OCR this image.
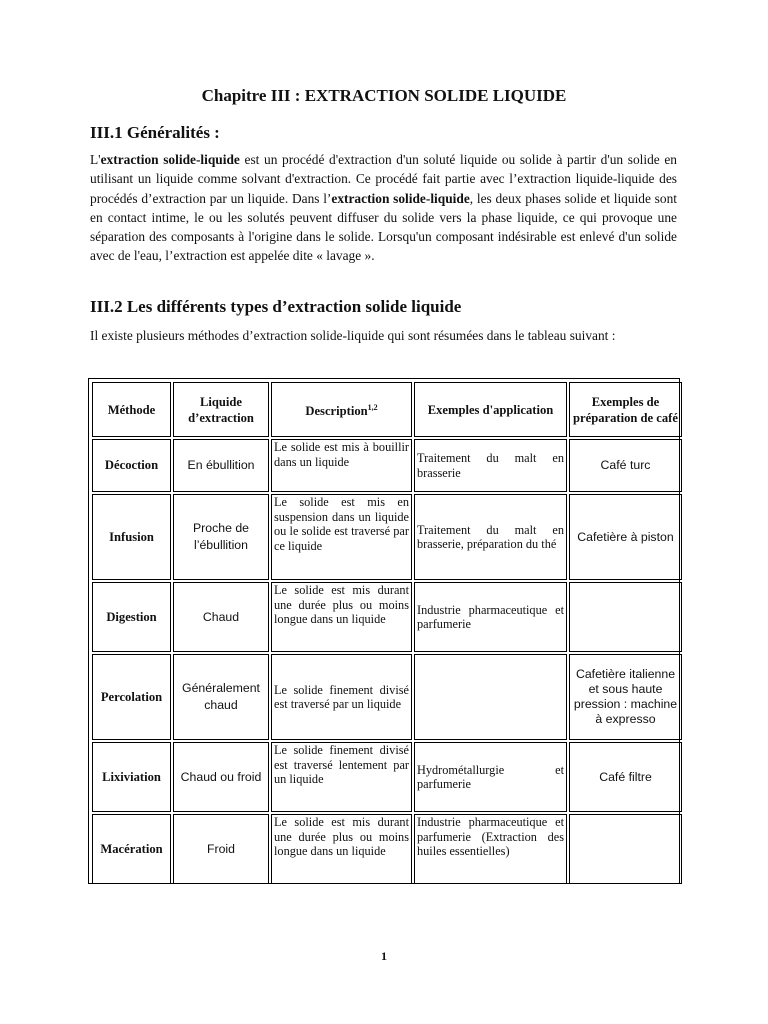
Chapitre III : EXTRACTION SOLIDE LIQUIDE
III.1 Généralités :
L'extraction solide-liquide est un procédé d'extraction d'un soluté liquide ou solide à partir d'un solide en utilisant un liquide comme solvant d'extraction. Ce procédé fait partie avec l’extraction liquide-liquide des procédés d’extraction par un liquide. Dans l’extraction solide-liquide, les deux phases solide et liquide sont en contact intime, le ou les solutés peuvent diffuser du solide vers la phase liquide, ce qui provoque une séparation des composants à l'origine dans le solide. Lorsqu'un composant indésirable est enlevé d'un solide avec de l'eau, l’extraction est appelée dite « lavage ».
III.2 Les différents types d’extraction solide liquide
Il existe plusieurs méthodes d’extraction solide-liquide qui sont résumées dans le tableau suivant :
Méthode	Liquide d’extraction	Description$^{1,2}$	Exemples d'application	Exemples de préparation de café
Décoction	En ébullition	Le solide est mis à bouillir dans un liquide	Traitement du malt en brasserie	Café turc
Infusion	Proche de l’ébullition	Le solide est mis en suspension dans un liquide ou le solide est traversé par ce liquide	Traitement du malt en brasserie, préparation du thé	Cafetière à piston
Digestion	Chaud	Le solide est mis durant une durée plus ou moins longue dans un liquide	Industrie pharmaceutique et parfumerie	
Percolation	Généralement chaud	Le solide finement divisé est traversé par un liquide		Cafetière italienne et sous haute pression : machine à expresso
Lixiviation	Chaud ou froid	Le solide finement divisé est traversé lentement par un liquide	Hydrométallurgie et parfumerie	Café filtre
Macération	Froid	Le solide est mis durant une durée plus ou moins longue dans un liquide	Industrie pharmaceutique et parfumerie (Extraction des huiles essentielles)	
1
